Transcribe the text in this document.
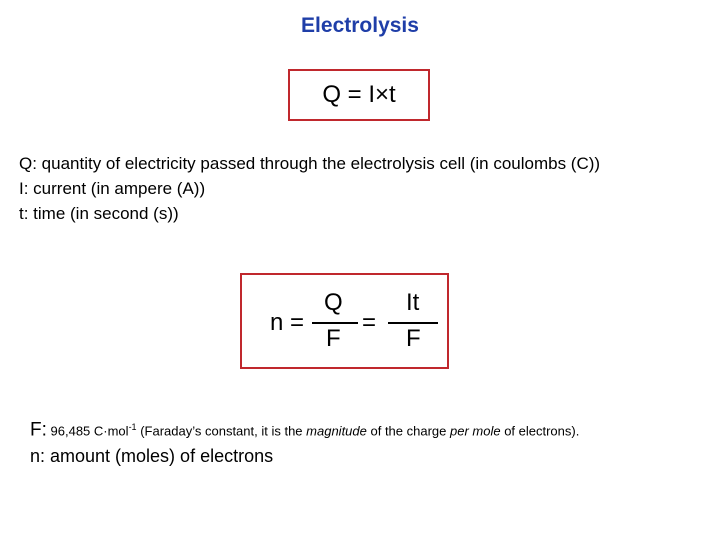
Electrolysis
Q = I×t
Q: quantity of electricity passed through the electrolysis cell (in coulombs (C))
I: current (in ampere (A))
t: time (in second (s))
n =
Q
F
=
It
F
F: 96,485 C·mol$^{-1}$ (Faraday’s constant, it is the magnitude of the charge per mole of electrons).
n: amount (moles) of electrons
